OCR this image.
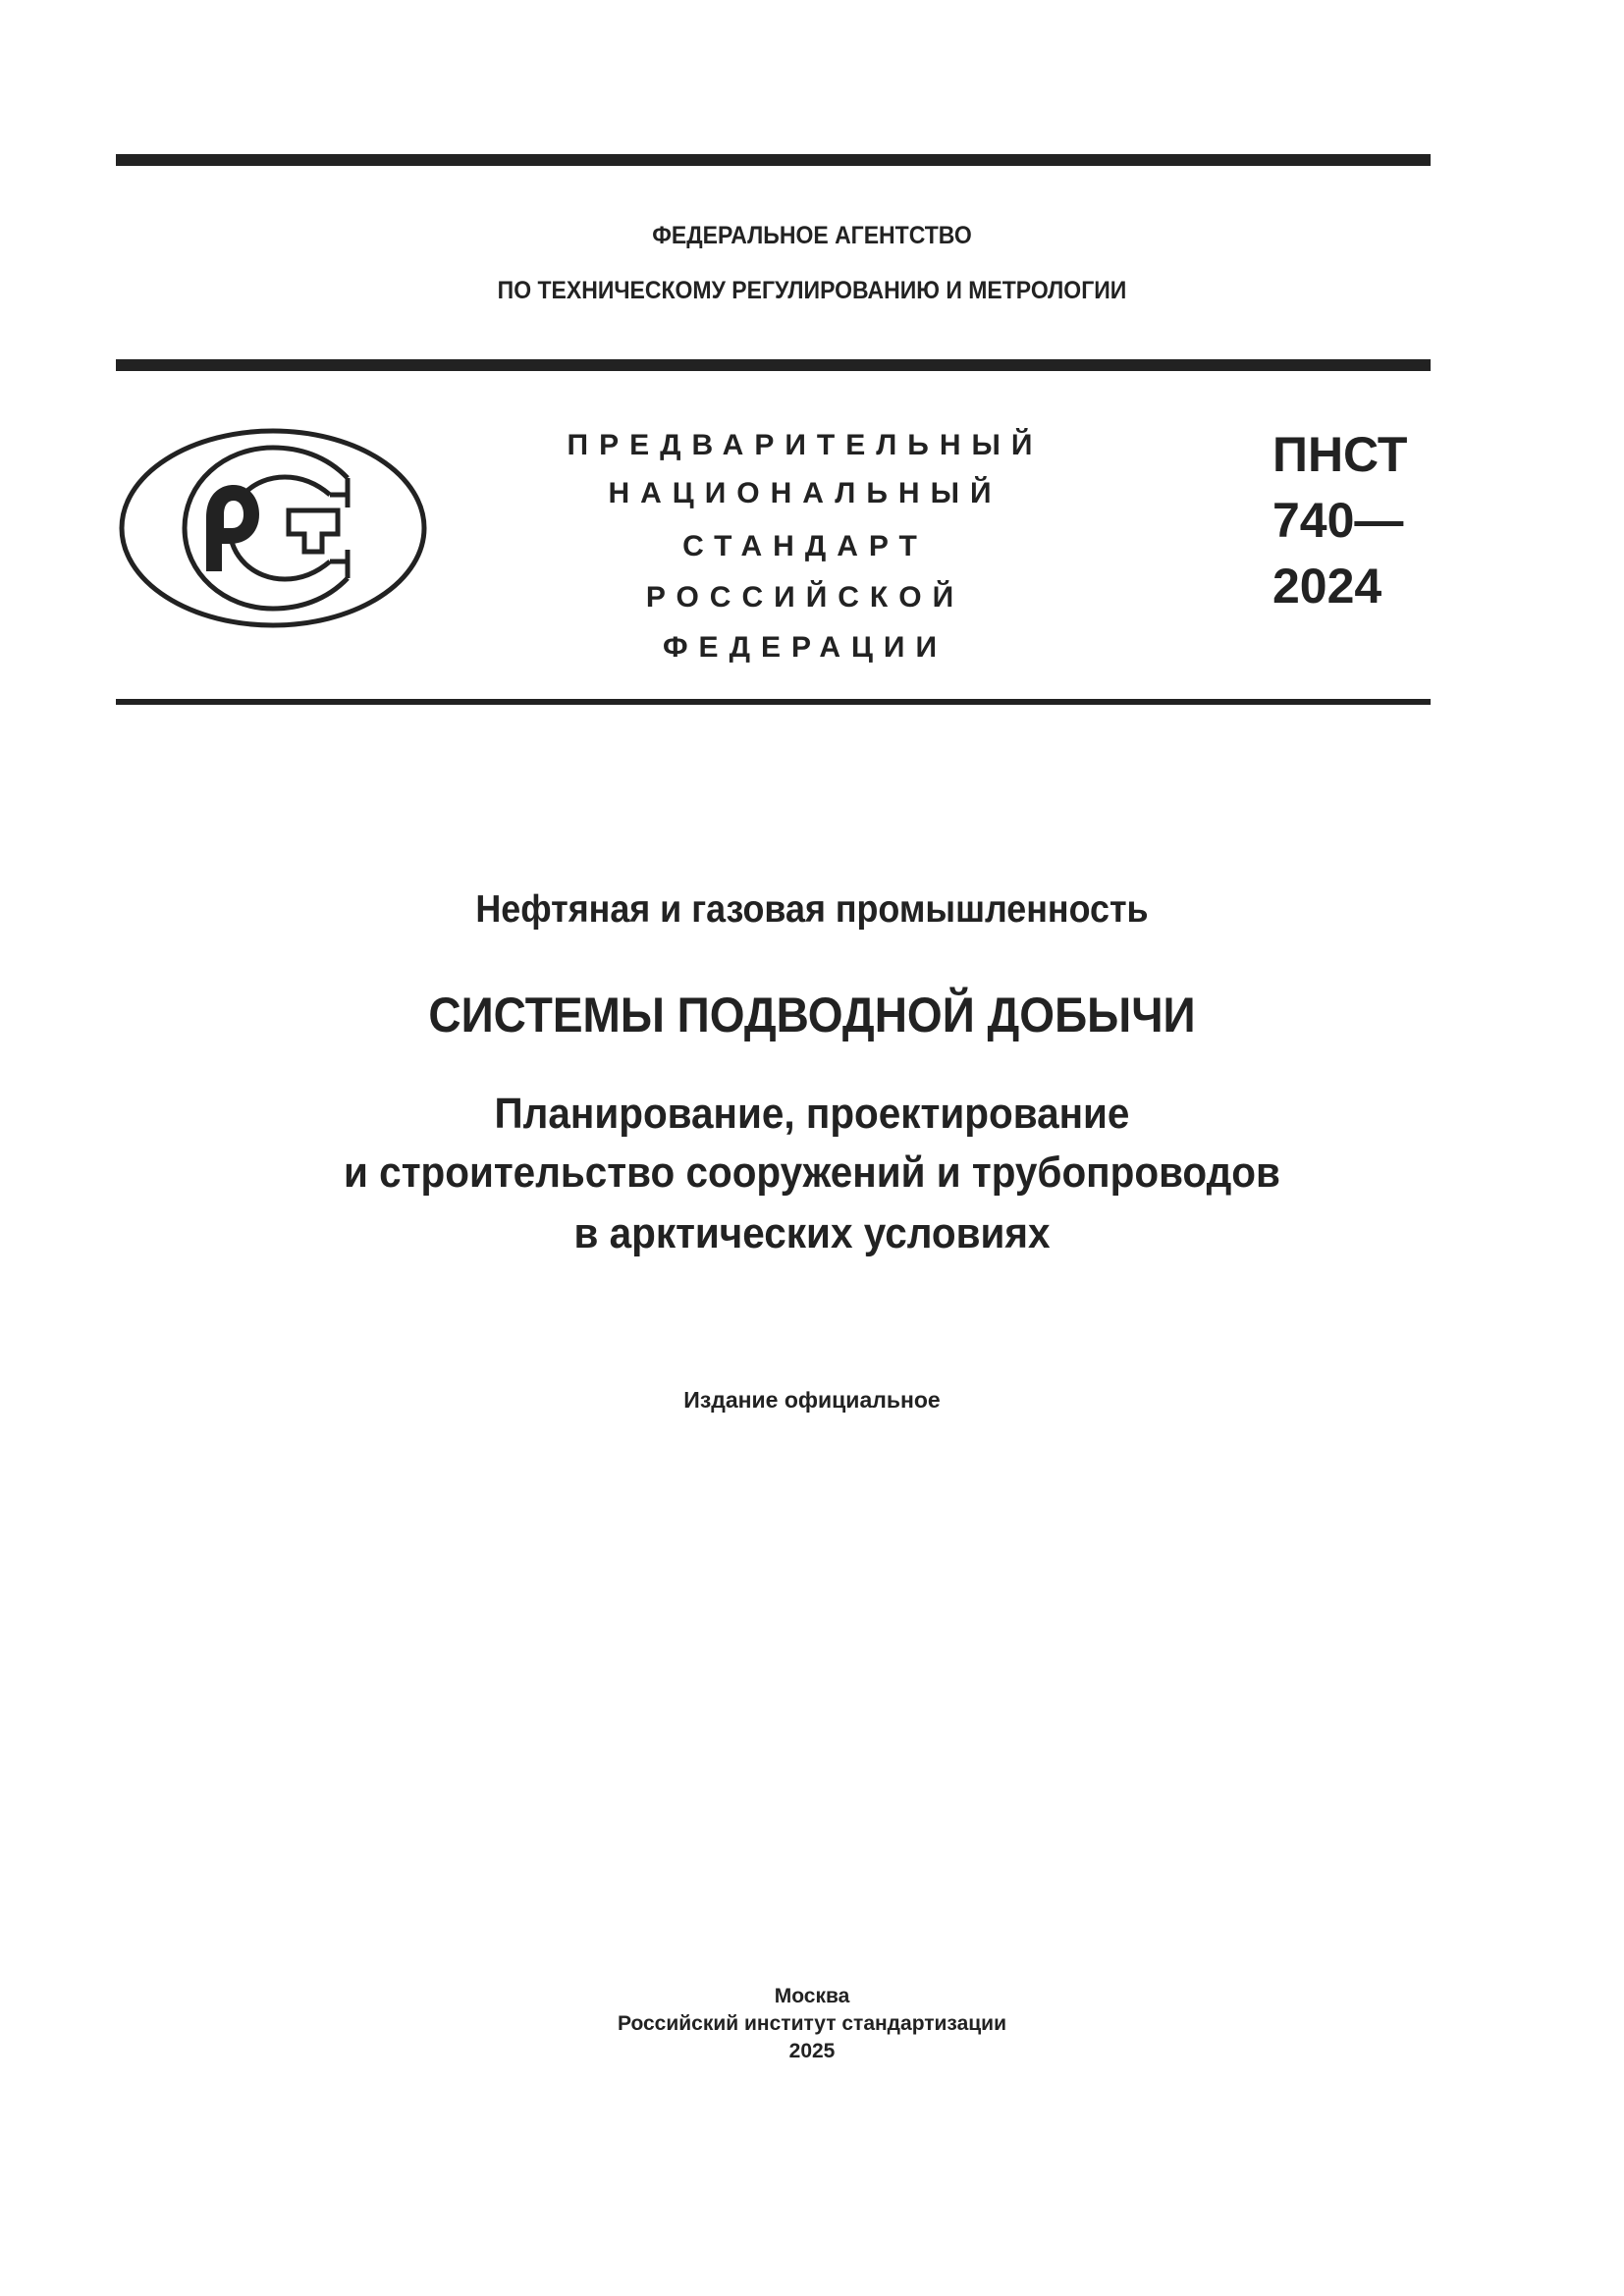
ФЕДЕРАЛЬНОЕ АГЕНТСТВО
ПО ТЕХНИЧЕСКОМУ РЕГУЛИРОВАНИЮ И МЕТРОЛОГИИ
ПРЕДВАРИТЕЛЬНЫЙ
НАЦИОНАЛЬНЫЙ
СТАНДАРТ
РОССИЙСКОЙ
ФЕДЕРАЦИИ
ПНСТ
740—
2024
Нефтяная и газовая промышленность
СИСТЕМЫ ПОДВОДНОЙ ДОБЫЧИ
Планирование, проектирование
и строительство сооружений и трубопроводов
в арктических условиях
Издание официальное
Москва
Российский институт стандартизации
2025
